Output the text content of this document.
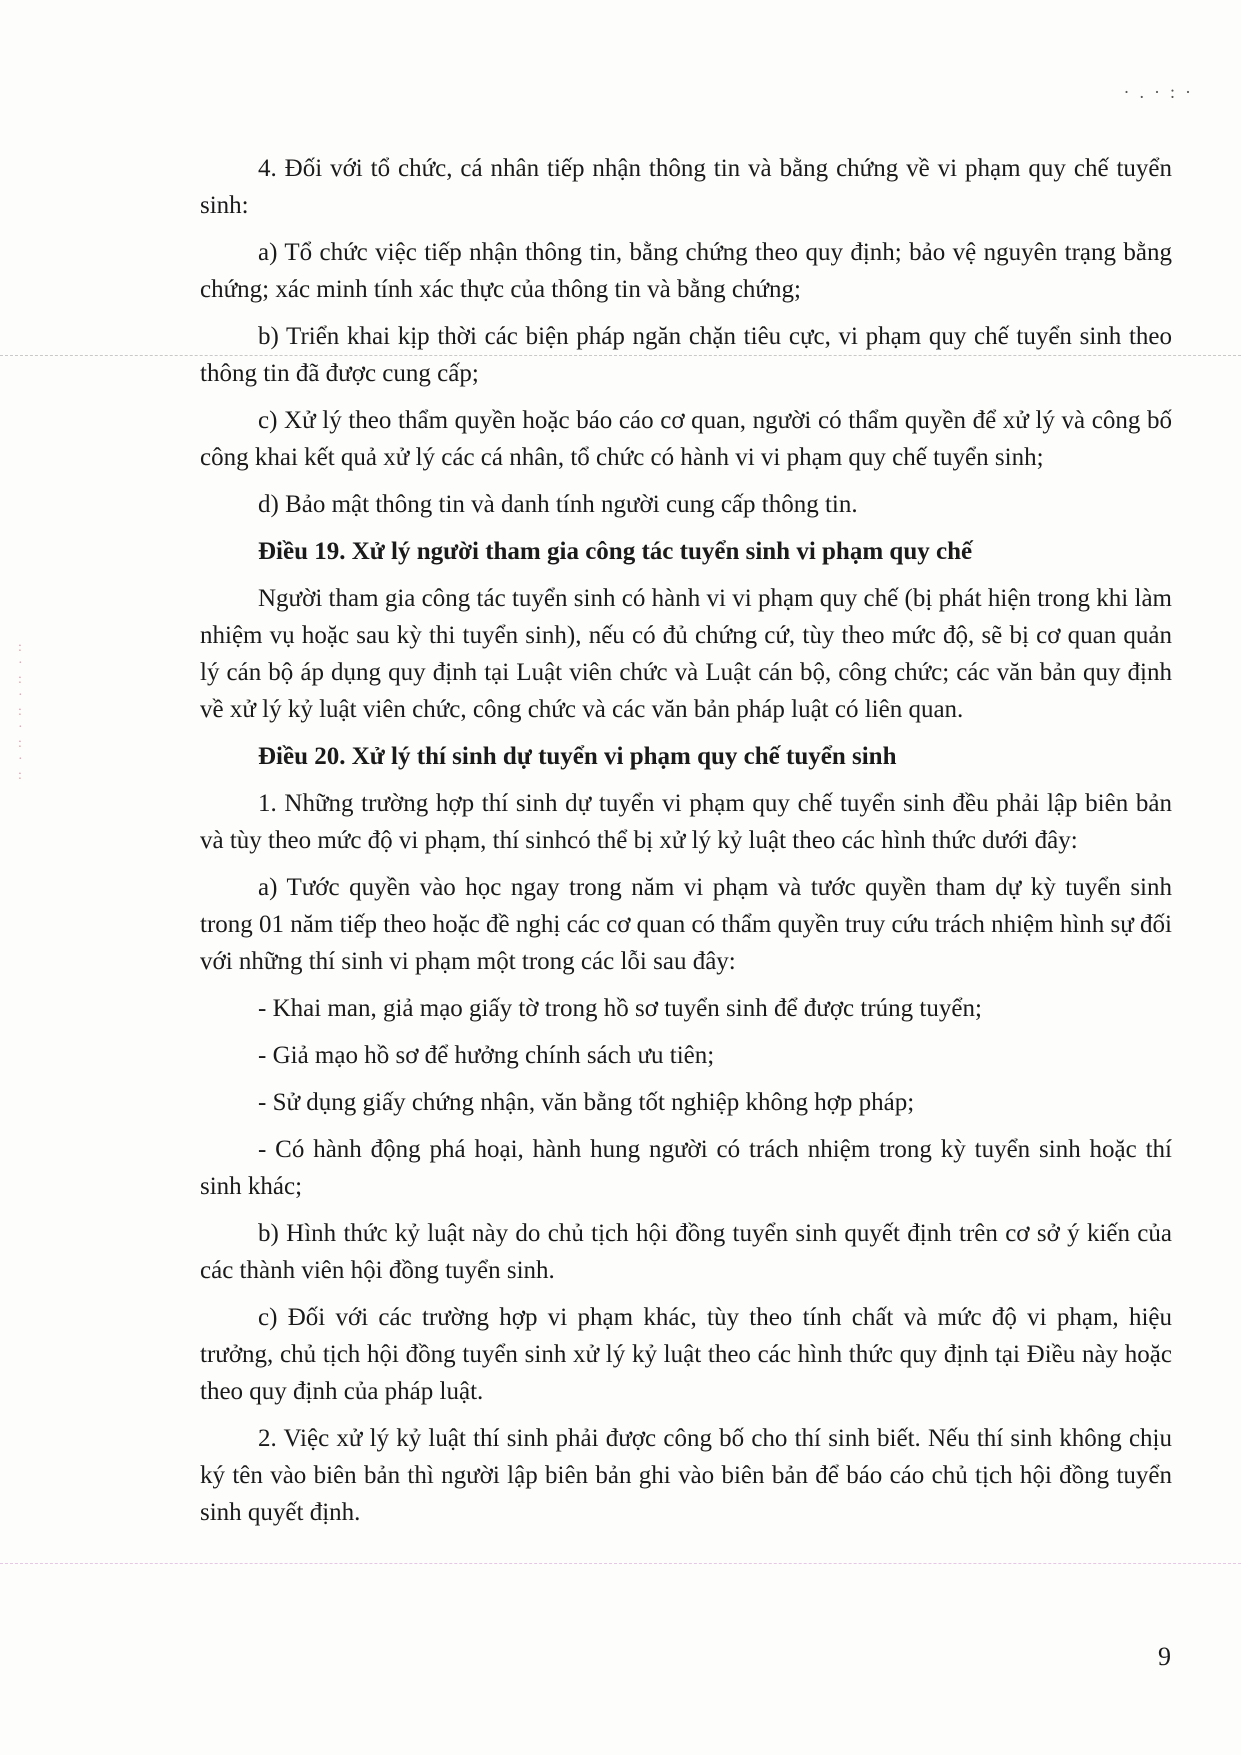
·.·:·
:
·
:
·
:
·
:
·
:

4. Đối với tổ chức, cá nhân tiếp nhận thông tin và bằng chứng về vi phạm quy chế tuyển sinh:

a) Tổ chức việc tiếp nhận thông tin, bằng chứng theo quy định; bảo vệ nguyên trạng bằng chứng; xác minh tính xác thực của thông tin và bằng chứng;

b) Triển khai kịp thời các biện pháp ngăn chặn tiêu cực, vi phạm quy chế tuyển sinh theo thông tin đã được cung cấp;

c) Xử lý theo thẩm quyền hoặc báo cáo cơ quan, người có thẩm quyền để xử lý và công bố công khai kết quả xử lý các cá nhân, tổ chức có hành vi vi phạm quy chế tuyển sinh;

d) Bảo mật thông tin và danh tính người cung cấp thông tin.

Điều 19. Xử lý người tham gia công tác tuyển sinh vi phạm quy chế

Người tham gia công tác tuyển sinh có hành vi vi phạm quy chế (bị phát hiện trong khi làm nhiệm vụ hoặc sau kỳ thi tuyển sinh), nếu có đủ chứng cứ, tùy theo mức độ, sẽ bị cơ quan quản lý cán bộ áp dụng quy định tại Luật viên chức và Luật cán bộ, công chức; các văn bản quy định về xử lý kỷ luật viên chức, công chức và các văn bản pháp luật có liên quan.

Điều 20. Xử lý thí sinh dự tuyển vi phạm quy chế tuyển sinh

1. Những trường hợp thí sinh dự tuyển vi phạm quy chế tuyển sinh đều phải lập biên bản và tùy theo mức độ vi phạm, thí sinhcó thể bị xử lý kỷ luật theo các hình thức dưới đây:

a) Tước quyền vào học ngay trong năm vi phạm và tước quyền tham dự kỳ tuyển sinh trong 01 năm tiếp theo hoặc đề nghị các cơ quan có thẩm quyền truy cứu trách nhiệm hình sự đối với những thí sinh vi phạm một trong các lỗi sau đây:

- Khai man, giả mạo giấy tờ trong hồ sơ tuyển sinh để được trúng tuyển;

- Giả mạo hồ sơ để hưởng chính sách ưu tiên;

- Sử dụng giấy chứng nhận, văn bằng tốt nghiệp không hợp pháp;

- Có hành động phá hoại, hành hung người có trách nhiệm trong kỳ tuyển sinh hoặc thí sinh khác;

b) Hình thức kỷ luật này do chủ tịch hội đồng tuyển sinh quyết định trên cơ sở ý kiến của các thành viên hội đồng tuyển sinh.

c) Đối với các trường hợp vi phạm khác, tùy theo tính chất và mức độ vi phạm, hiệu trưởng, chủ tịch hội đồng tuyển sinh xử lý kỷ luật theo các hình thức quy định tại Điều này hoặc theo quy định của pháp luật.

2. Việc xử lý kỷ luật thí sinh phải được công bố cho thí sinh biết. Nếu thí sinh không chịu ký tên vào biên bản thì người lập biên bản ghi vào biên bản để báo cáo chủ tịch hội đồng tuyển sinh quyết định.

9
